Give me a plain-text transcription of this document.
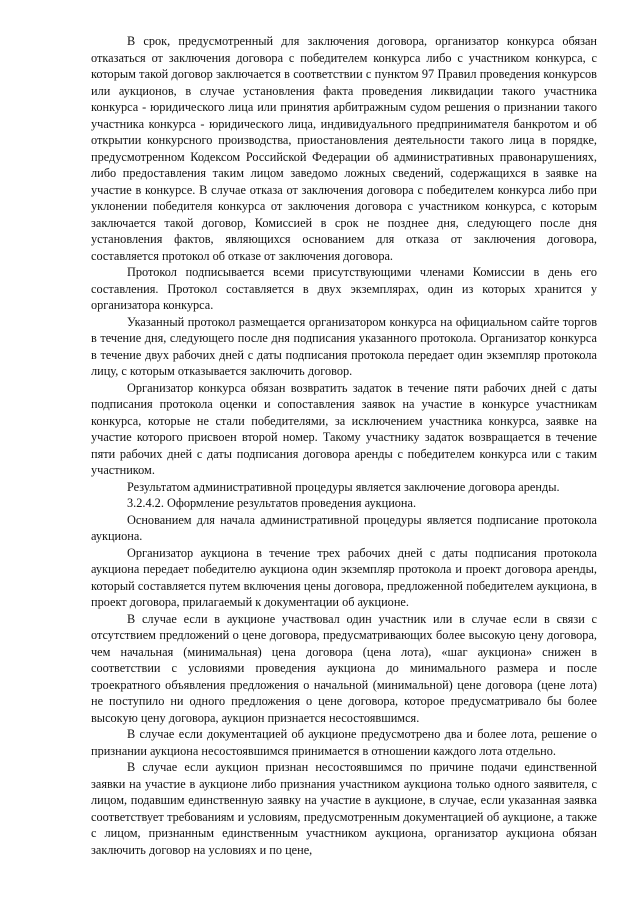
В срок, предусмотренный для заключения договора, организатор конкурса обязан отказаться от заключения договора с победителем конкурса либо с участником конкурса, с которым такой договор заключается в соответствии с пунктом 97 Правил проведения конкурсов или аукционов, в случае установления факта проведения ликвидации такого участника конкурса - юридического лица или принятия арбитражным судом решения о признании такого участника конкурса - юридического лица, индивидуального предпринимателя банкротом и об открытии конкурсного производства, приостановления деятельности такого лица в порядке, предусмотренном Кодексом Российской Федерации об административных правонарушениях, либо предоставления таким лицом заведомо ложных сведений, содержащихся в заявке на участие в конкурсе. В случае отказа от заключения договора с победителем конкурса либо при уклонении победителя конкурса от заключения договора с участником конкурса, с которым заключается такой договор, Комиссией в срок не позднее дня, следующего после дня установления фактов, являющихся основанием для отказа от заключения договора, составляется протокол об отказе от заключения договора.

Протокол подписывается всеми присутствующими членами Комиссии в день его составления. Протокол составляется в двух экземплярах, один из которых хранится у организатора конкурса.

Указанный протокол размещается организатором конкурса на официальном сайте торгов в течение дня, следующего после дня подписания указанного протокола. Организатор конкурса в течение двух рабочих дней с даты подписания протокола передает один экземпляр протокола лицу, с которым отказывается заключить договор.

Организатор конкурса обязан возвратить задаток в течение пяти рабочих дней с даты подписания протокола оценки и сопоставления заявок на участие в конкурсе участникам конкурса, которые не стали победителями, за исключением участника конкурса, заявке на участие которого присвоен второй номер. Такому участнику задаток возвращается в течение пяти рабочих дней с даты подписания договора аренды с победителем конкурса или с таким участником.

Результатом административной процедуры является заключение договора аренды.

3.2.4.2. Оформление результатов проведения аукциона.

Основанием для начала административной процедуры является подписание протокола аукциона.

Организатор аукциона в течение трех рабочих дней с даты подписания протокола аукциона передает победителю аукциона один экземпляр протокола и проект договора аренды, который составляется путем включения цены договора, предложенной победителем аукциона, в проект договора, прилагаемый к документации об аукционе.

В случае если в аукционе участвовал один участник или в случае если в связи с отсутствием предложений о цене договора, предусматривающих более высокую цену договора, чем начальная (минимальная) цена договора (цена лота), «шаг аукциона» снижен в соответствии с условиями проведения аукциона до минимального размера и после троекратного объявления предложения о начальной (минимальной) цене договора (цене лота) не поступило ни одного предложения о цене договора, которое предусматривало бы более высокую цену договора, аукцион признается несостоявшимся.

В случае если документацией об аукционе предусмотрено два и более лота, решение о признании аукциона несостоявшимся принимается в отношении каждого лота отдельно.

В случае если аукцион признан несостоявшимся по причине подачи единственной заявки на участие в аукционе либо признания участником аукциона только одного заявителя, с лицом, подавшим единственную заявку на участие в аукционе, в случае, если указанная заявка соответствует требованиям и условиям, предусмотренным документацией об аукционе, а также с лицом, признанным единственным участником аукциона, организатор аукциона обязан заключить договор на условиях и по цене,
